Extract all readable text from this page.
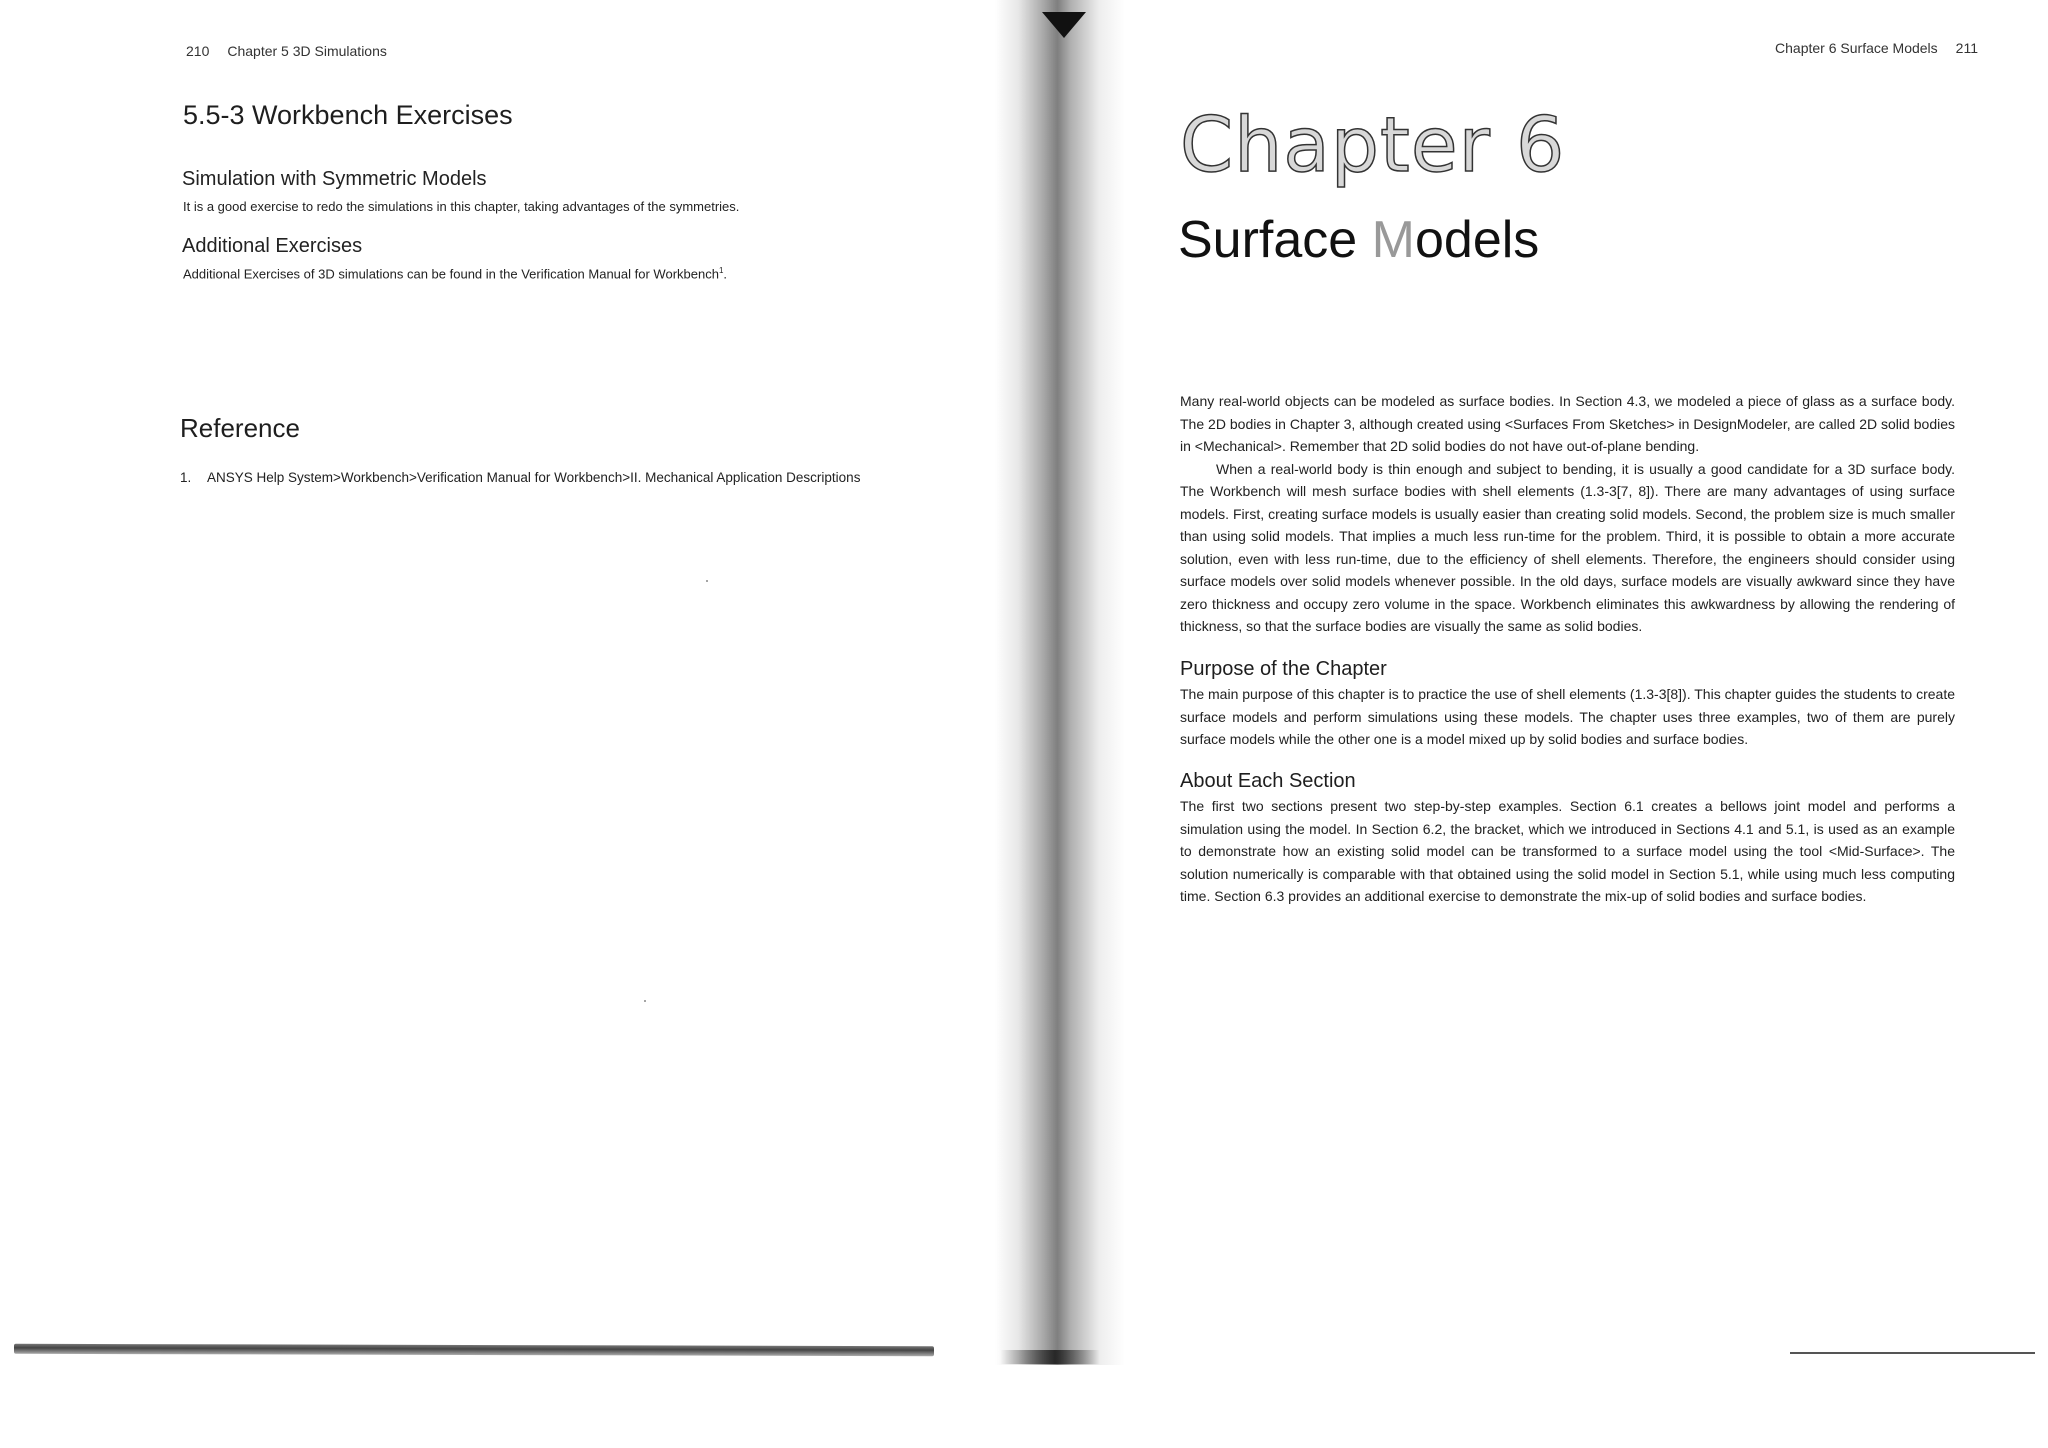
210 Chapter 5 3D Simulations
5.5-3 Workbench Exercises
Simulation with Symmetric Models
It is a good exercise to redo the simulations in this chapter, taking advantages of the symmetries.
Additional Exercises
Additional Exercises of 3D simulations can be found in the Verification Manual for Workbench$^1$.
Reference
1. ANSYS Help System>Workbench>Verification Manual for Workbench>II. Mechanical Application Descriptions
Chapter 6 Surface Models 211
Chapter 6
Surface Models

Many real-world objects can be modeled as surface bodies. In Section 4.3, we modeled a piece of glass as a surface body. The 2D bodies in Chapter 3, although created using <Surfaces From Sketches> in DesignModeler, are called 2D solid bodies in <Mechanical>. Remember that 2D solid bodies do not have out-of-plane bending.

When a real-world body is thin enough and subject to bending, it is usually a good candidate for a 3D surface body. The Workbench will mesh surface bodies with shell elements (1.3-3[7, 8]). There are many advantages of using surface models. First, creating surface models is usually easier than creating solid models. Second, the problem size is much smaller than using solid models. That implies a much less run-time for the problem. Third, it is possible to obtain a more accurate solution, even with less run-time, due to the efficiency of shell elements. Therefore, the engineers should consider using surface models over solid models whenever possible. In the old days, surface models are visually awkward since they have zero thickness and occupy zero volume in the space. Workbench eliminates this awkwardness by allowing the rendering of thickness, so that the surface bodies are visually the same as solid bodies.

Purpose of the Chapter

The main purpose of this chapter is to practice the use of shell elements (1.3-3[8]). This chapter guides the students to create surface models and perform simulations using these models. The chapter uses three examples, two of them are purely surface models while the other one is a model mixed up by solid bodies and surface bodies.

About Each Section

The first two sections present two step-by-step examples. Section 6.1 creates a bellows joint model and performs a simulation using the model. In Section 6.2, the bracket, which we introduced in Sections 4.1 and 5.1, is used as an example to demonstrate how an existing solid model can be transformed to a surface model using the tool <Mid-Surface>. The solution numerically is comparable with that obtained using the solid model in Section 5.1, while using much less computing time. Section 6.3 provides an additional exercise to demonstrate the mix-up of solid bodies and surface bodies.
